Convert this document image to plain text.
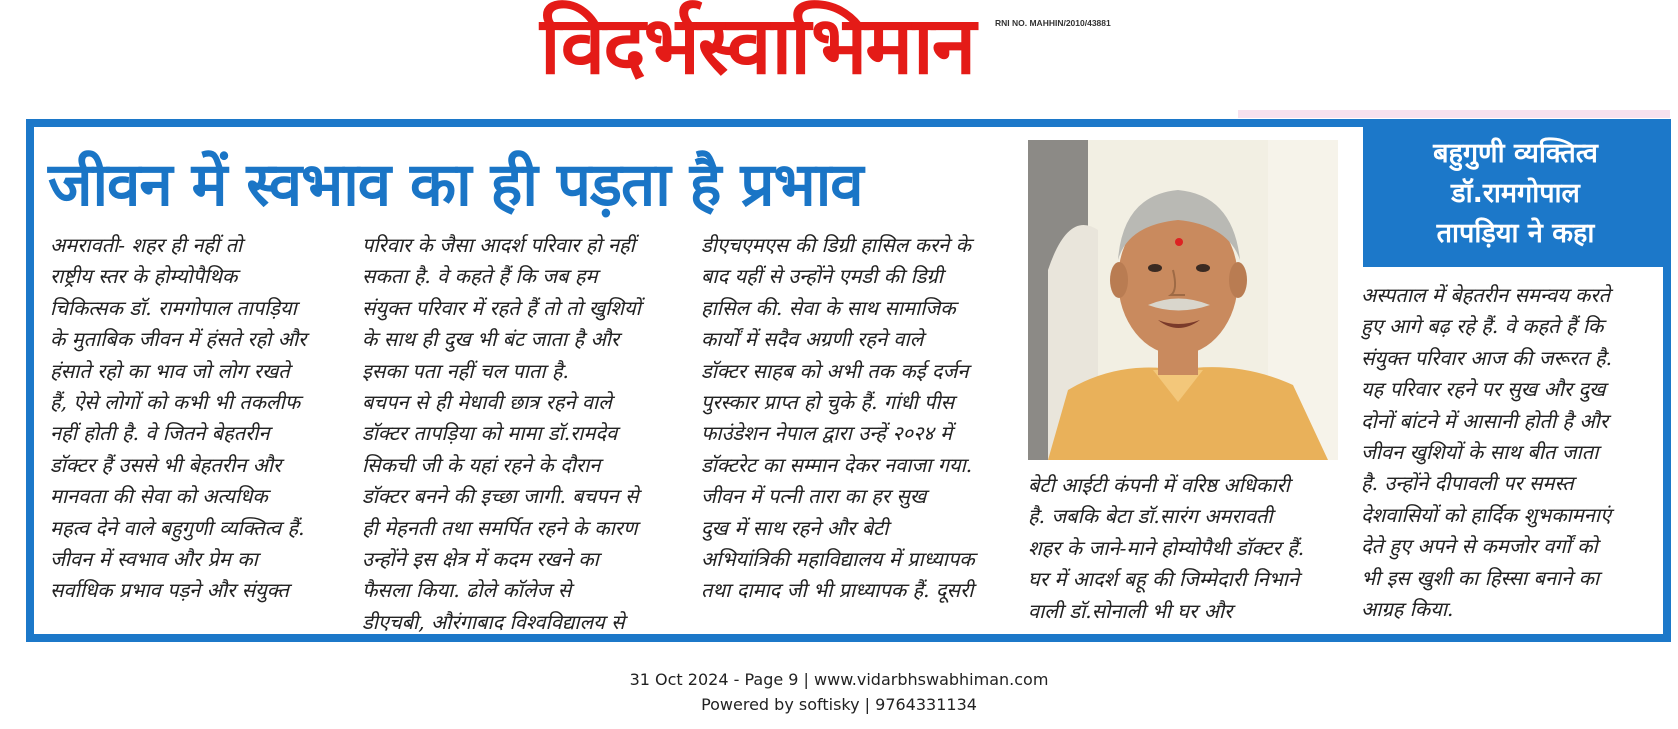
विदर्भस्वाभिमान RNI NO. MAHHIN/2010/43881
जीवन में स्वभाव का ही पड़ता है प्रभाव

अमरावती- शहर ही नहीं तो

राष्ट्रीय स्तर के होम्योपैथिक

चिकित्सक डॉ. रामगोपाल तापड़िया

के मुताबिक जीवन में हंसते रहो और

हंसाते रहो का भाव जो लोग रखते

हैं, ऐसे लोगों को कभी भी तकलीफ

नहीं होती है. वे जितने बेहतरीन

डॉक्टर हैं उससे भी बेहतरीन और

मानवता की सेवा को अत्यधिक

महत्व देने वाले बहुगुणी व्यक्तित्व हैं.

जीवन में स्वभाव और प्रेम का

सर्वाधिक प्रभाव पड़ने और संयुक्त

परिवार के जैसा आदर्श परिवार हो नहीं

सकता है. वे कहते हैं कि जब हम

संयुक्त परिवार में रहते हैं तो तो खुशियों

के साथ ही दुख भी बंट जाता है और

इसका पता नहीं चल पाता है.

बचपन से ही मेधावी छात्र रहने वाले

डॉक्टर तापड़िया को मामा डॉ.रामदेव

सिकची जी के यहां रहने के दौरान

डॉक्टर बनने की इच्छा जागी. बचपन से

ही मेहनती तथा समर्पित रहने के कारण

उन्होंने इस क्षेत्र में कदम रखने का

फैसला किया. ढोले कॉलेज से

डीएचबी, औरंगाबाद विश्वविद्यालय से

डीएचएमएस की डिग्री हासिल करने के

बाद यहीं से उन्होंने एमडी की डिग्री

हासिल की. सेवा के साथ सामाजिक

कार्यों में सदैव अग्रणी रहने वाले

डॉक्टर साहब को अभी तक कई दर्जन

पुरस्कार प्राप्त हो चुके हैं. गांधी पीस

फाउंडेशन नेपाल द्वारा उन्हें २०२४ में

डॉक्टरेट का सम्मान देकर नवाजा गया.

जीवन में पत्नी तारा का हर सुख

दुख में साथ रहने और बेटी

अभियांत्रिकी महाविद्यालय में प्राध्यापक

तथा दामाद जी भी प्राध्यापक हैं. दूसरी

बेटी आईटी कंपनी में वरिष्ठ अधिकारी

है. जबकि बेटा डॉ.सारंग अमरावती

शहर के जाने-माने होम्योपैथी डॉक्टर हैं.

घर में आदर्श बहू की जिम्मेदारी निभाने

वाली डॉ.सोनाली भी घर और

बहुगुणी व्यक्तित्व
डॉ.रामगोपाल
तापड़िया ने कहा

अस्पताल में बेहतरीन समन्वय करते

हुए आगे बढ़ रहे हैं. वे कहते हैं कि

संयुक्त परिवार आज की जरूरत है.

यह परिवार रहने पर सुख और दुख

दोनों बांटने में आसानी होती है और

जीवन खुशियों के साथ बीत जाता

है. उन्होंने दीपावली पर समस्त

देशवासियों को हार्दिक शुभकामनाएं

देते हुए अपने से कमजोर वर्गों को

भी इस खुशी का हिस्सा बनाने का

आग्रह किया.

31 Oct 2024 - Page 9 | www.vidarbhswabhiman.com
Powered by softisky | 9764331134
